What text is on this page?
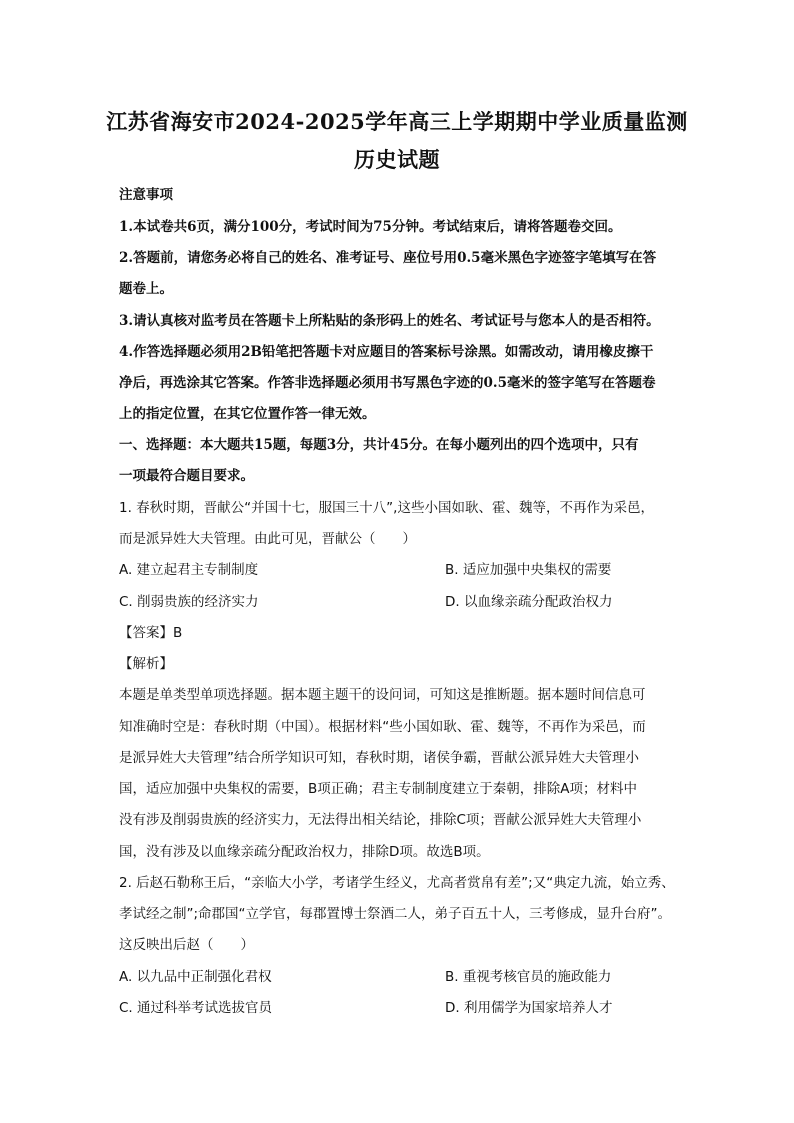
江苏省海安市2024-2025学年高三上学期期中学业质量监测
历史试题
注意事项
1.本试卷共6页，满分100分，考试时间为75分钟。考试结束后，请将答题卷交回。
2.答题前，请您务必将自己的姓名、准考证号、座位号用0.5毫米黑色字迹签字笔填写在答
题卷上。
3.请认真核对监考员在答题卡上所粘贴的条形码上的姓名、考试证号与您本人的是否相符。
4.作答选择题必须用2B铅笔把答题卡对应题目的答案标号涂黑。如需改动，请用橡皮擦干
净后，再选涂其它答案。作答非选择题必须用书写黑色字迹的0.5毫米的签字笔写在答题卷
上的指定位置，在其它位置作答一律无效。
一、选择题：本大题共15题，每题3分，共计45分。在每小题列出的四个选项中，只有
一项最符合题目要求。
1. 春秋时期，晋献公“并国十七，服国三十八”,这些小国如耿、霍、魏等，不再作为采邑，
而是派异姓大夫管理。由此可见，晋献公（　　）
A. 建立起君主专制制度	B. 适应加强中央集权的需要
C. 削弱贵族的经济实力	D. 以血缘亲疏分配政治权力
【答案】B
【解析】
本题是单类型单项选择题。据本题主题干的设问词，可知这是推断题。据本题时间信息可
知准确时空是：春秋时期（中国）。根据材料“些小国如耿、霍、魏等，不再作为采邑，而
是派异姓大夫管理”结合所学知识可知，春秋时期，诸侯争霸，晋献公派异姓大夫管理小
国，适应加强中央集权的需要，B项正确；君主专制制度建立于秦朝，排除A项；材料中
没有涉及削弱贵族的经济实力，无法得出相关结论，排除C项；晋献公派异姓大夫管理小
国，没有涉及以血缘亲疏分配政治权力，排除D项。故选B项。
2. 后赵石勒称王后，“亲临大小学，考诸学生经义，尤高者赏帛有差”;又“典定九流，始立秀、
孝试经之制”;命郡国“立学官，每郡置博士祭酒二人，弟子百五十人，三考修成，显升台府”。
这反映出后赵（　　）
A. 以九品中正制强化君权	B. 重视考核官员的施政能力
C. 通过科举考试选拔官员	D. 利用儒学为国家培养人才
